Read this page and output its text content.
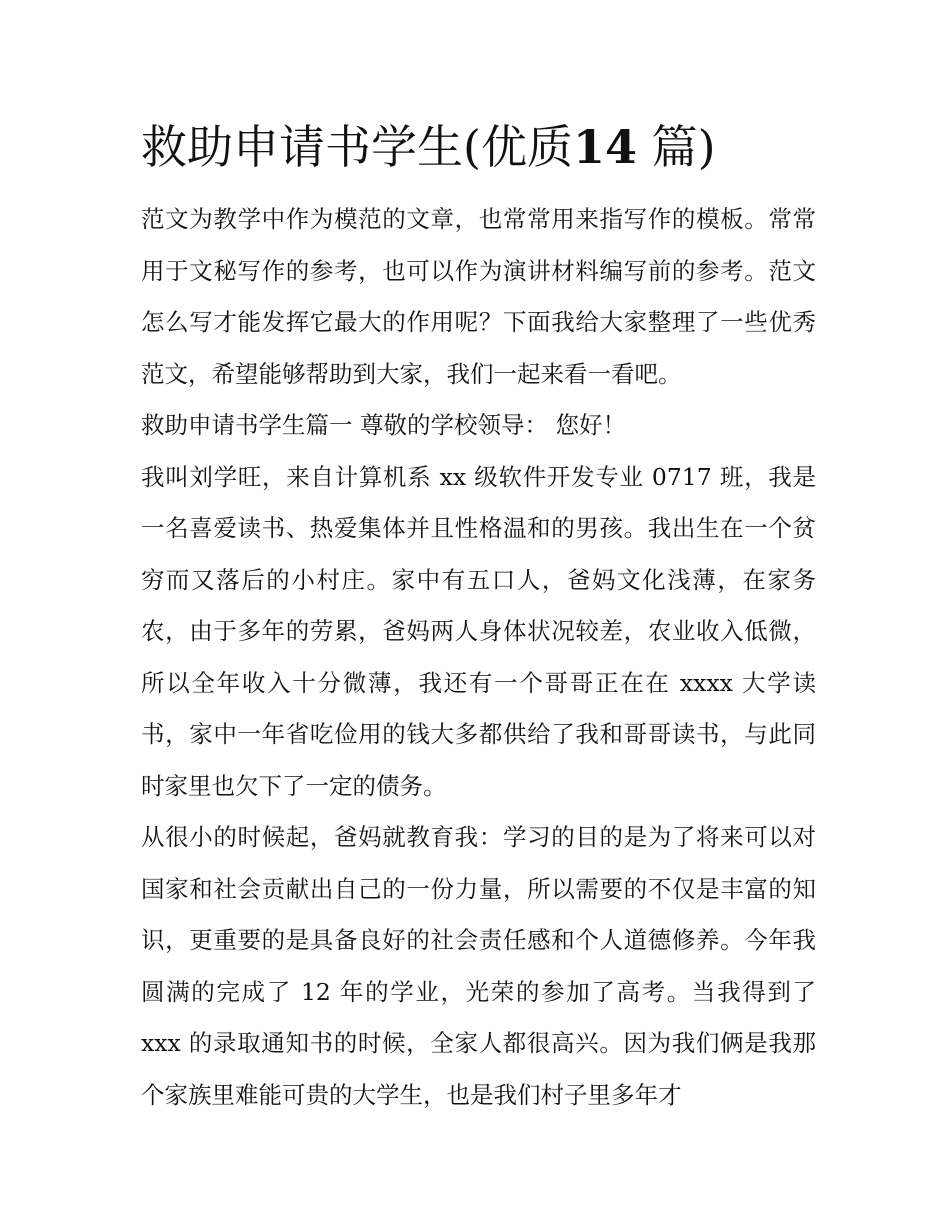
救助申请书学生(优质14 篇)

范文为教学中作为模范的文章，也常常用来指写作的模板。常常用于文秘写作的参考，也可以作为演讲材料编写前的参考。范文怎么写才能发挥它最大的作用呢？下面我给大家整理了一些优秀范文，希望能够帮助到大家，我们一起来看一看吧。

救助申请书学生篇一 尊敬的学校领导： 您好！

我叫刘学旺，来自计算机系 xx 级软件开发专业 0717 班，我是一名喜爱读书、热爱集体并且性格温和的男孩。我出生在一个贫穷而又落后的小村庄。家中有五口人，爸妈文化浅薄，在家务农，由于多年的劳累，爸妈两人身体状况较差，农业收入低微，所以全年收入十分微薄，我还有一个哥哥正在在 xxxx 大学读书，家中一年省吃俭用的钱大多都供给了我和哥哥读书，与此同时家里也欠下了一定的债务。

从很小的时候起，爸妈就教育我：学习的目的是为了将来可以对国家和社会贡献出自己的一份力量，所以需要的不仅是丰富的知识，更重要的是具备良好的社会责任感和个人道德修养。今年我圆满的完成了 12 年的学业，光荣的参加了高考。当我得到了 xxx 的录取通知书的时候，全家人都很高兴。因为我们俩是我那个家族里难能可贵的大学生，也是我们村子里多年才
